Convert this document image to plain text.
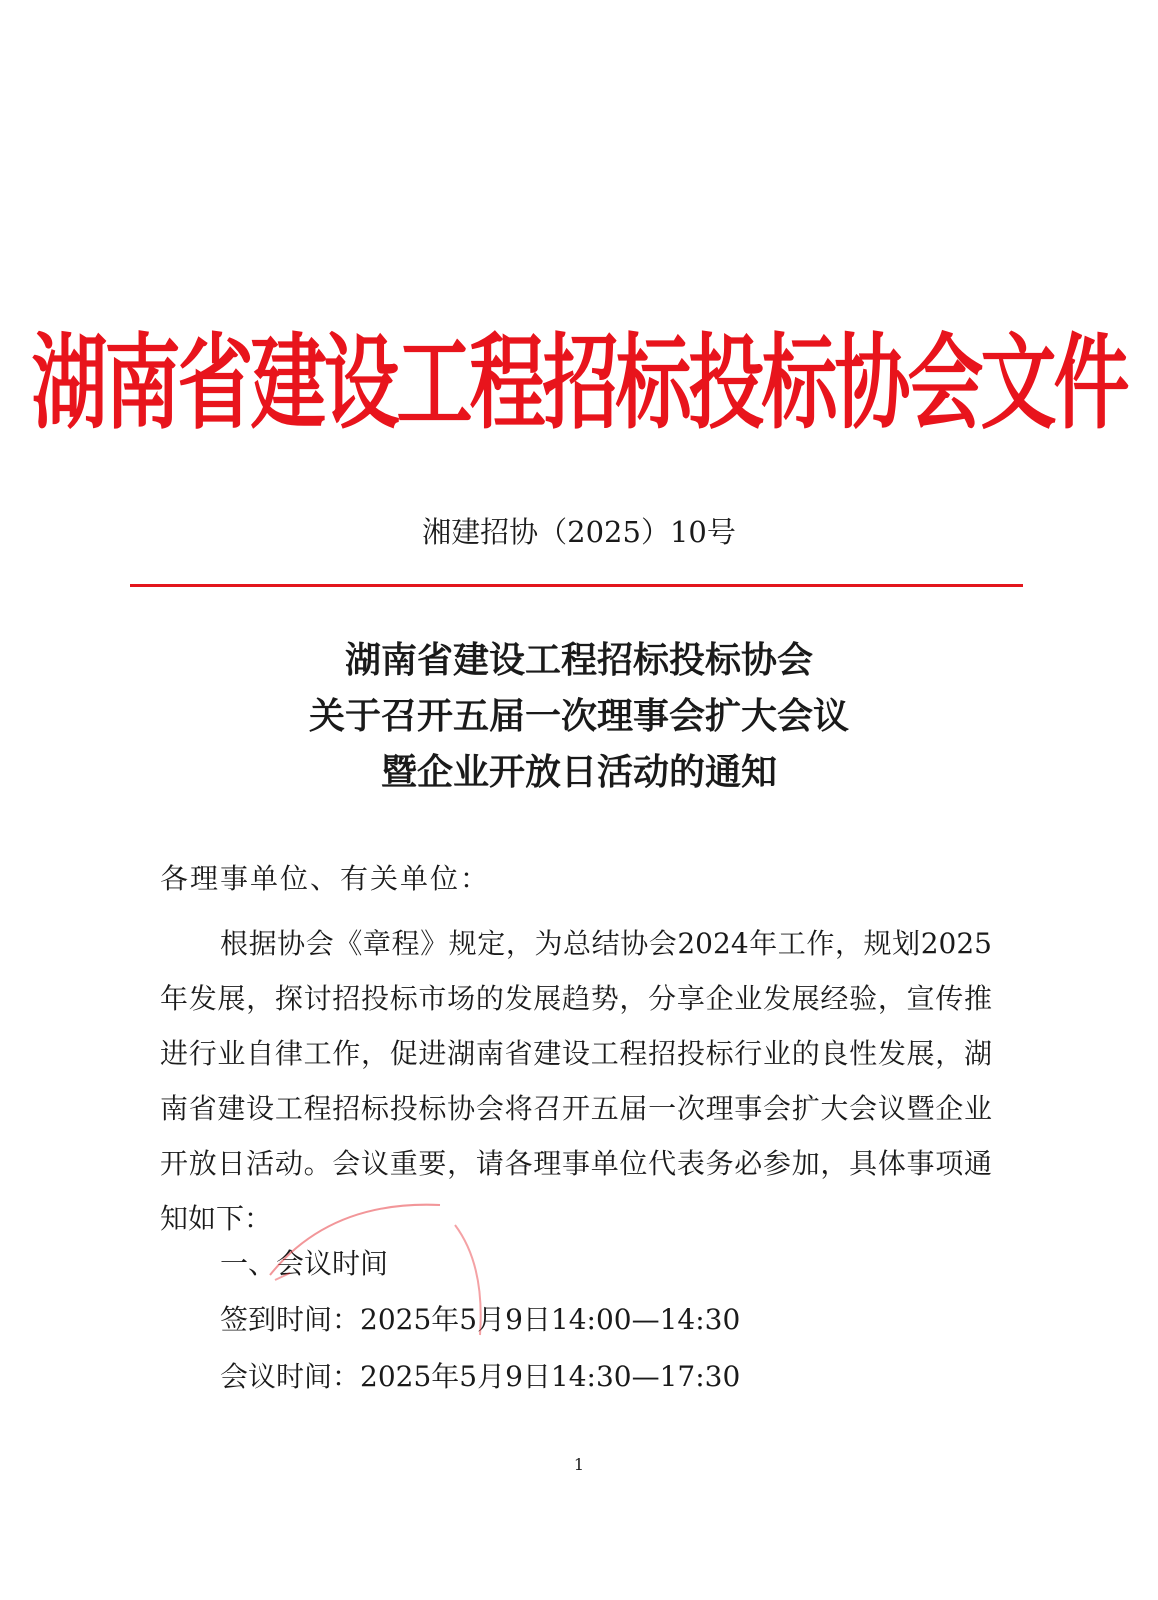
湖南省建设工程招标投标协会文件
湘建招协（2025）10号
湖南省建设工程招标投标协会
关于召开五届一次理事会扩大会议
暨企业开放日活动的通知
各理事单位、有关单位：

根据协会《章程》规定，为总结协会2024年工作，规划2025年发展，探讨招投标市场的发展趋势，分享企业发展经验，宣传推进行业自律工作，促进湖南省建设工程招投标行业的良性发展，湖南省建设工程招标投标协会将召开五届一次理事会扩大会议暨企业开放日活动。会议重要，请各理事单位代表务必参加，具体事项通知如下：

一、会议时间
签到时间：2025年5月9日14:00—14:30
会议时间：2025年5月9日14:30—17:30
1
